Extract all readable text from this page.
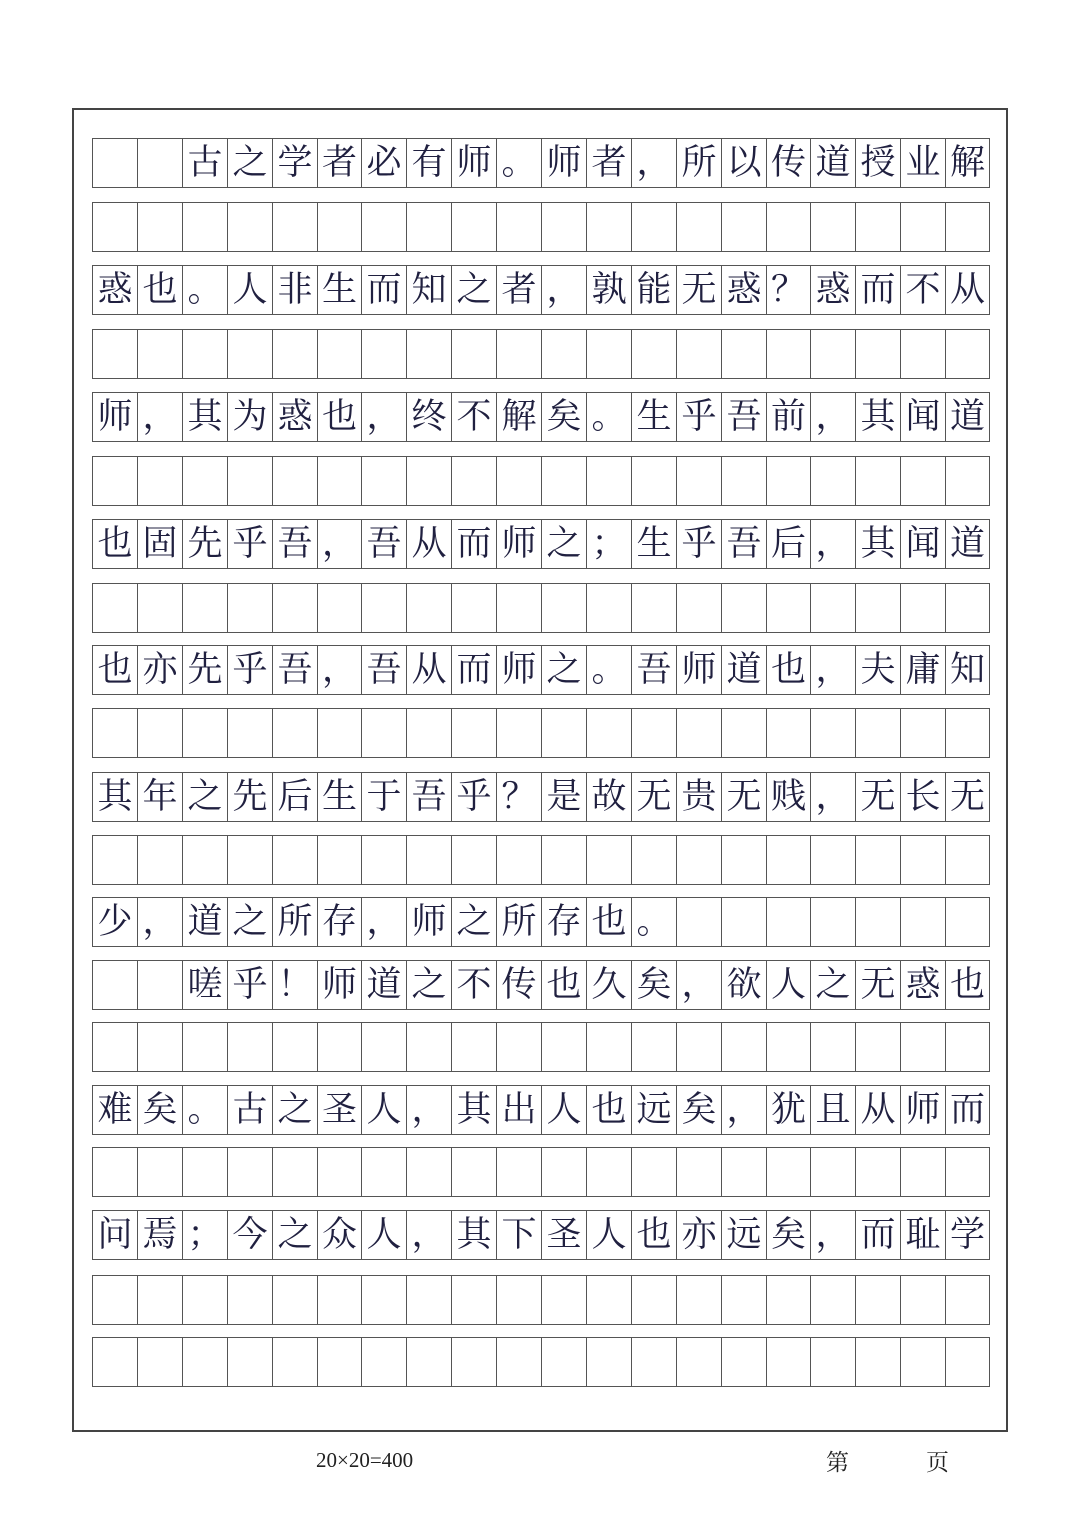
古 之 学 者 必 有 师 。 师 者 ， 所 以 传 道 授 业 解
惑 也 。 人 非 生 而 知 之 者 ， 孰 能 无 惑 ？ 惑 而 不 从
师 ， 其 为 惑 也 ， 终 不 解 矣 。 生 乎 吾 前 ， 其 闻 道
也 固 先 乎 吾 ， 吾 从 而 师 之 ； 生 乎 吾 后 ， 其 闻 道
也 亦 先 乎 吾 ， 吾 从 而 师 之 。 吾 师 道 也 ， 夫 庸 知
其 年 之 先 后 生 于 吾 乎 ？ 是 故 无 贵 无 贱 ， 无 长 无
少 ， 道 之 所 存 ， 师 之 所 存 也 。
嗟 乎 ！ 师 道 之 不 传 也 久 矣 ， 欲 人 之 无 惑 也
难 矣 。 古 之 圣 人 ， 其 出 人 也 远 矣 ， 犹 且 从 师 而
问 焉 ； 今 之 众 人 ， 其 下 圣 人 也 亦 远 矣 ， 而 耻 学
20×20=400	第　　　页
